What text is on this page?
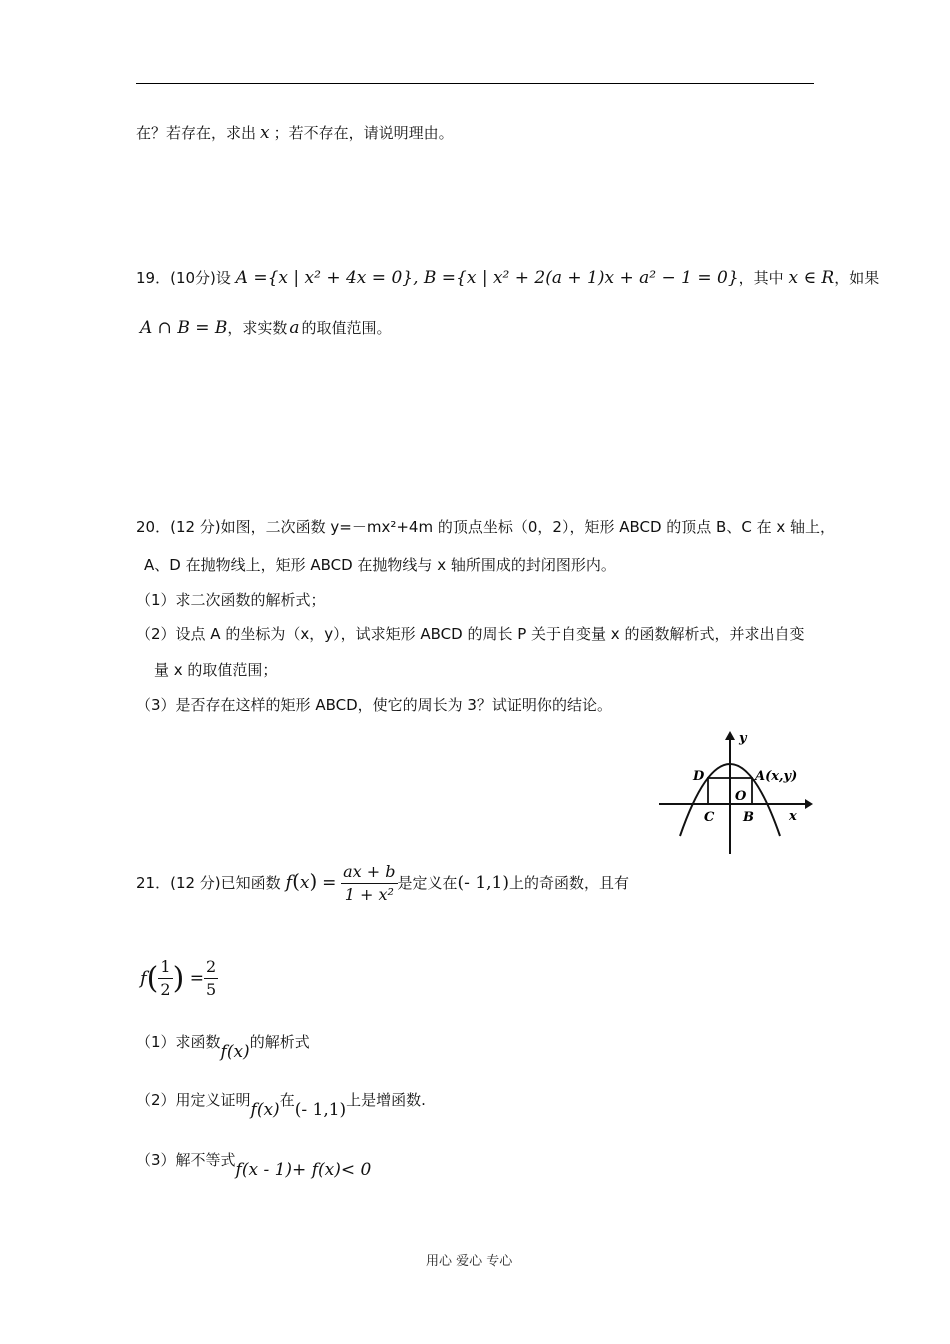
在？若存在，求出 x ；若不存在，请说明理由。
19．(10分)设 A ={x | x² + 4x = 0}, B ={x | x² + 2(a + 1)x + a² − 1 = 0}，其中 x ∈ R，如果
A ∩ B = B，求实数 a 的取值范围。
20．(12 分)如图，二次函数 y=－mx²+4m 的顶点坐标（0，2），矩形 ABCD 的顶点 B、C 在 x 轴上，
A、D 在抛物线上，矩形 ABCD 在抛物线与 x 轴所围成的封闭图形内。
（1）求二次函数的解析式；
（2）设点 A 的坐标为（x，y），试求矩形 ABCD 的周长 P 关于自变量 x 的函数解析式，并求出自变
量 x 的取值范围；
（3）是否存在这样的矩形 ABCD，使它的周长为 3？试证明你的结论。
y
x
D	A(x,y)
O
C B
21．(12 分)已知函数 $f(x) = \frac{ax + b}{\text{1 + x²}}$ 是定义在(- 1,1)上的奇函数，且有
$f( \frac{1}{2}$ ) = $\frac{2}{5}$
（1）求函数f(x)的解析式
（2）用定义证明f(x)在(- 1,1)上是增函数.
（3）解不等式f(x - 1)+ f(x)< 0
用心 爱心 专心
